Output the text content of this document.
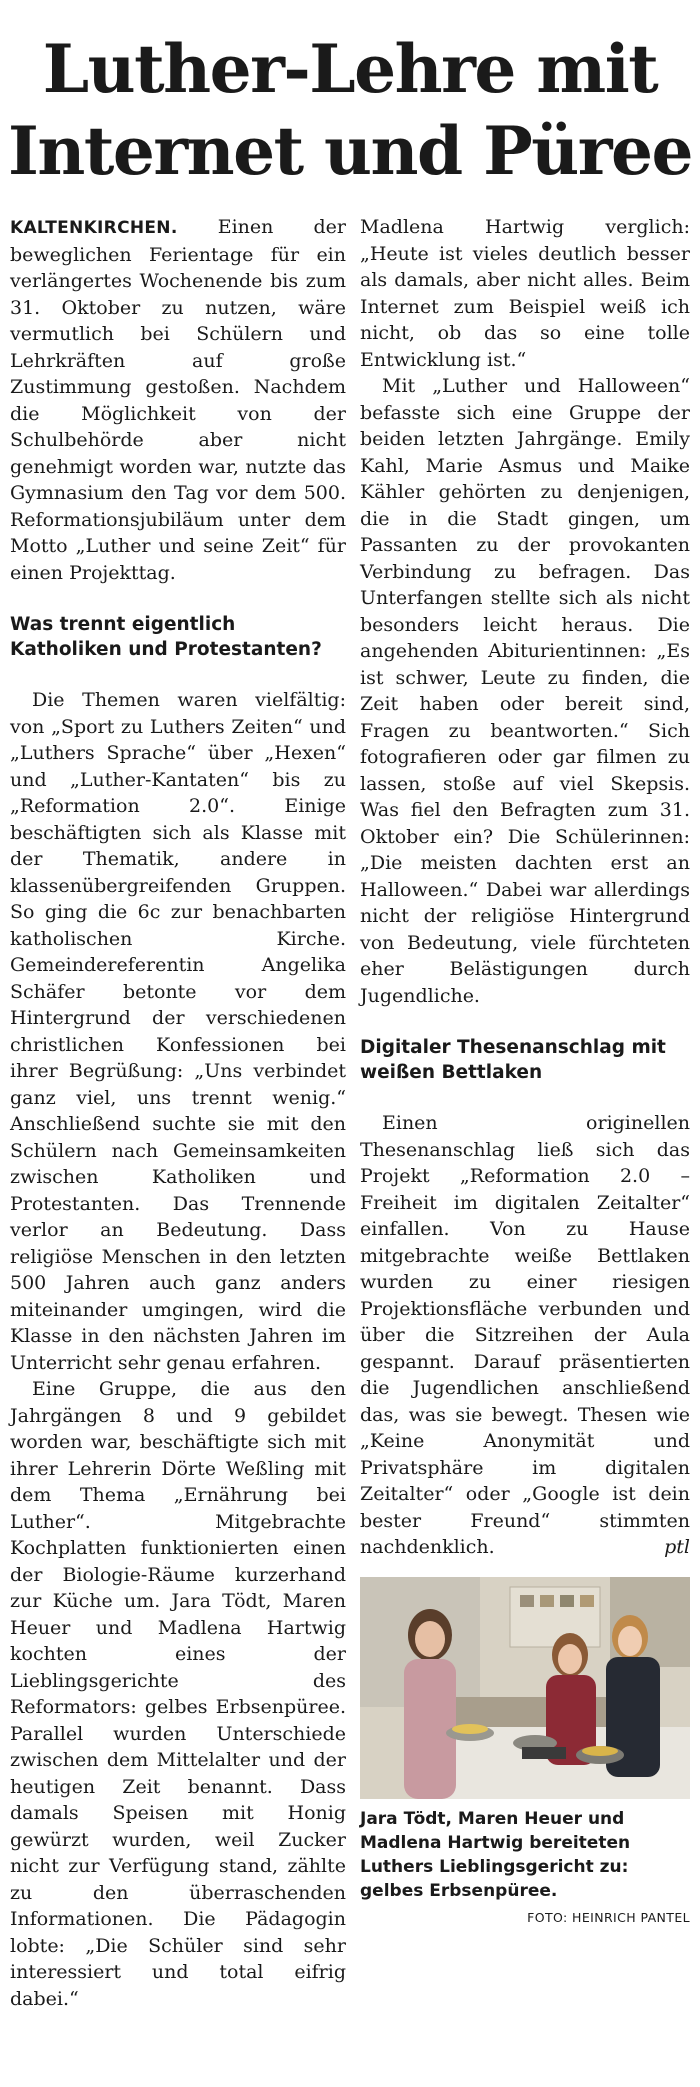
Luther-Lehre mit
Internet und Püree

KALTENKIRCHEN. Einen der beweglichen Ferientage für ein verlängertes Wochenende bis zum 31. Oktober zu nutzen, wäre vermutlich bei Schülern und Lehrkräften auf große Zustimmung gestoßen. Nachdem die Möglichkeit von der Schulbehörde aber nicht genehmigt worden war, nutzte das Gymnasium den Tag vor dem 500. Reformationsjubiläum unter dem Motto „Luther und seine Zeit“ für einen Projekttag.

Was trennt eigentlich Katholiken und Protestanten?

Die Themen waren vielfältig: von „Sport zu Luthers Zeiten“ und „Luthers Sprache“ über „Hexen“ und „Luther-Kantaten“ bis zu „Reformation 2.0“. Einige beschäftigten sich als Klasse mit der Thematik, andere in klassenübergreifenden Gruppen. So ging die 6c zur benachbarten katholischen Kirche. Gemeindereferentin Angelika Schäfer betonte vor dem Hintergrund der verschiedenen christlichen Konfessionen bei ihrer Begrüßung: „Uns verbindet ganz viel, uns trennt wenig.“ Anschließend suchte sie mit den Schülern nach Gemeinsamkeiten zwischen Katholiken und Protestanten. Das Trennende verlor an Bedeutung. Dass religiöse Menschen in den letzten 500 Jahren auch ganz anders miteinander umgingen, wird die Klasse in den nächsten Jahren im Unterricht sehr genau erfahren.

Eine Gruppe, die aus den Jahrgängen 8 und 9 gebildet worden war, beschäftigte sich mit ihrer Lehrerin Dörte Weßling mit dem Thema „Ernährung bei Luther“. Mitgebrachte Kochplatten funktionierten einen der Biologie-Räume kurzerhand zur Küche um. Jara Tödt, Maren Heuer und Madlena Hartwig kochten eines der Lieblingsgerichte des Reformators: gelbes Erbsenpüree. Parallel wurden Unterschiede zwischen dem Mittelalter und der heutigen Zeit benannt. Dass damals Speisen mit Honig gewürzt wurden, weil Zucker nicht zur Verfügung stand, zählte zu den überraschenden Informationen. Die Pädagogin lobte: „Die Schüler sind sehr interessiert und total eifrig dabei.“

Madlena Hartwig verglich: „Heute ist vieles deutlich besser als damals, aber nicht alles. Beim Internet zum Beispiel weiß ich nicht, ob das so eine tolle Entwicklung ist.“

Mit „Luther und Halloween“ befasste sich eine Gruppe der beiden letzten Jahrgänge. Emily Kahl, Marie Asmus und Maike Kähler gehörten zu denjenigen, die in die Stadt gingen, um Passanten zu der provokanten Verbindung zu befragen. Das Unterfangen stellte sich als nicht besonders leicht heraus. Die angehenden Abiturientinnen: „Es ist schwer, Leute zu finden, die Zeit haben oder bereit sind, Fragen zu beantworten.“ Sich fotografieren oder gar filmen zu lassen, stoße auf viel Skepsis. Was fiel den Befragten zum 31. Oktober ein? Die Schülerinnen: „Die meisten dachten erst an Halloween.“ Dabei war allerdings nicht der religiöse Hintergrund von Bedeutung, viele fürchteten eher Belästigungen durch Jugendliche.

Digitaler Thesenanschlag mit weißen Bettlaken

Einen originellen Thesenanschlag ließ sich das Projekt „Reformation 2.0 – Freiheit im digitalen Zeitalter“ einfallen. Von zu Hause mitgebrachte weiße Bettlaken wurden zu einer riesigen Projektionsfläche verbunden und über die Sitzreihen der Aula gespannt. Darauf präsentierten die Jugendlichen anschließend das, was sie bewegt. Thesen wie „Keine Anonymität und Privatsphäre im digitalen Zeitalter“ oder „Google ist dein bester Freund“ stimmten nachdenklich.	ptl

Jara Tödt, Maren Heuer und Madlena Hartwig bereiteten Luthers Lieblingsgericht zu: gelbes Erbsenpüree.
FOTO: HEINRICH PANTEL
